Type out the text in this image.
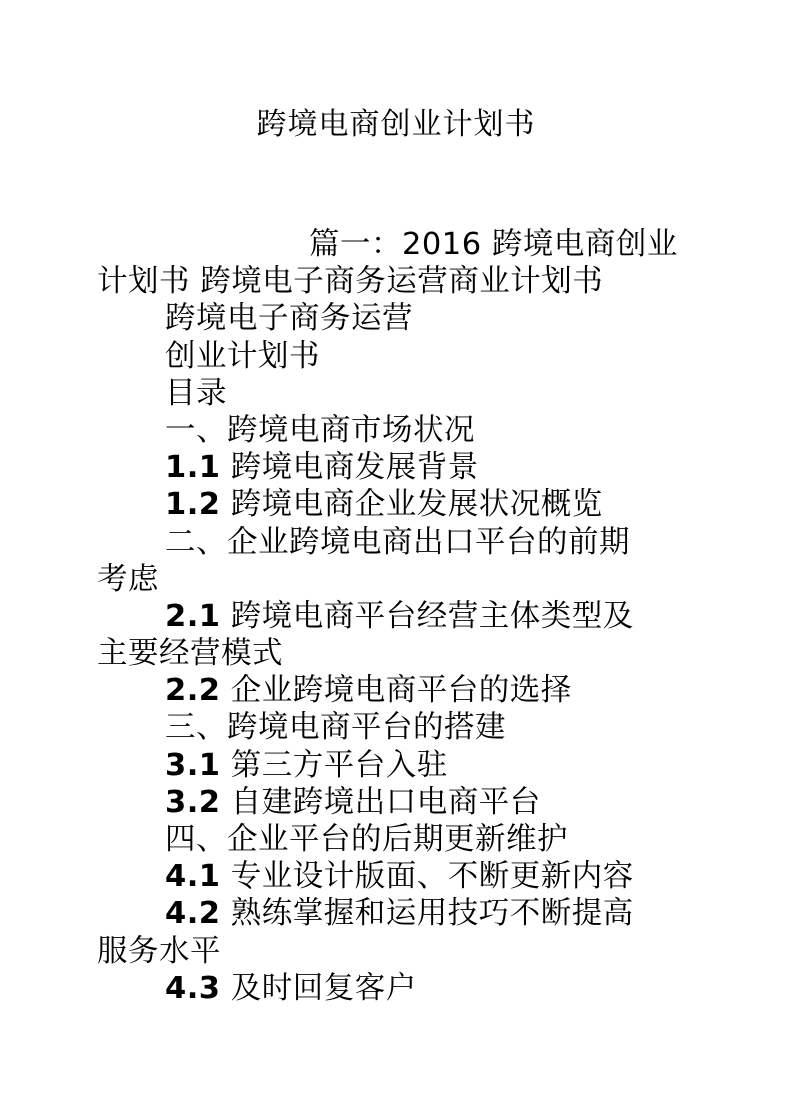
跨境电商创业计划书
篇一：2016 跨境电商创业
计划书 跨境电子商务运营商业计划书
跨境电子商务运营
创业计划书
目录
一、跨境电商市场状况
1.1 跨境电商发展背景
1.2 跨境电商企业发展状况概览
二、企业跨境电商出口平台的前期
考虑
2.1 跨境电商平台经营主体类型及
主要经营模式
2.2 企业跨境电商平台的选择
三、跨境电商平台的搭建
3.1 第三方平台入驻
3.2 自建跨境出口电商平台
四、企业平台的后期更新维护
4.1 专业设计版面、不断更新内容
4.2 熟练掌握和运用技巧不断提高
服务水平
4.3 及时回复客户
